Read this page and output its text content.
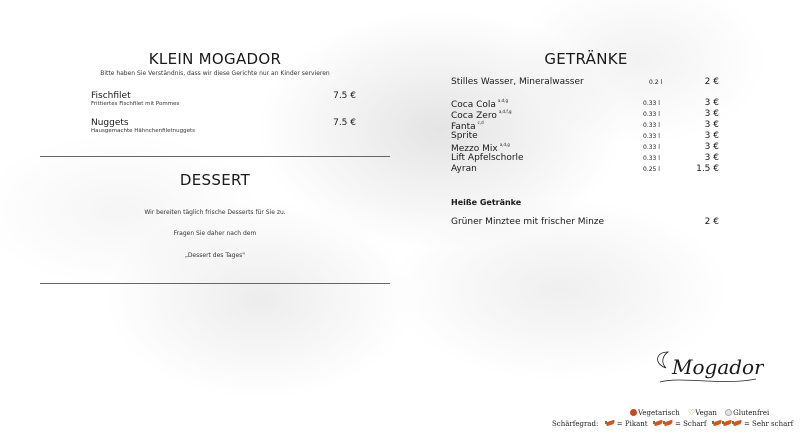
KLEIN MOGADOR
Bitte haben Sie Verständnis, dass wir diese Gerichte nur an Kinder servieren
Fischfilet
Frittiertes Fischfilet mit Pommes
7.5 €
Nuggets
Hausgemachte Hähnchenfiletnuggets
7.5 €
DESSERT
Wir bereiten täglich frische Desserts für Sie zu.
Fragen Sie daher nach dem
„Dessert des Tages"
GETRÄNKE
Stilles Wasser, Mineralwasser	0.2 l	2 €
Coca Cola $^{a,d,g}$	0.33 l	3 €
Coca Zero $^{a,d,f,g}$	0.33 l	3 €
Fanta $^{c,d}$	0.33 l	3 €
Sprite	0.33 l	3 €
Mezzo Mix $^{a,d,g}$	0.33 l	3 €
Lift Apfelschorle	0.33 l	3 €
Ayran	0.25 l	1.5 €
Heiße Getränke
Grüner Minztee mit frischer Minze	2 €
Mogador
Vegetarisch ♡Vegan Glutenfrei
Schärfegrad:	= Pikant	= Scharf	= Sehr scharf
